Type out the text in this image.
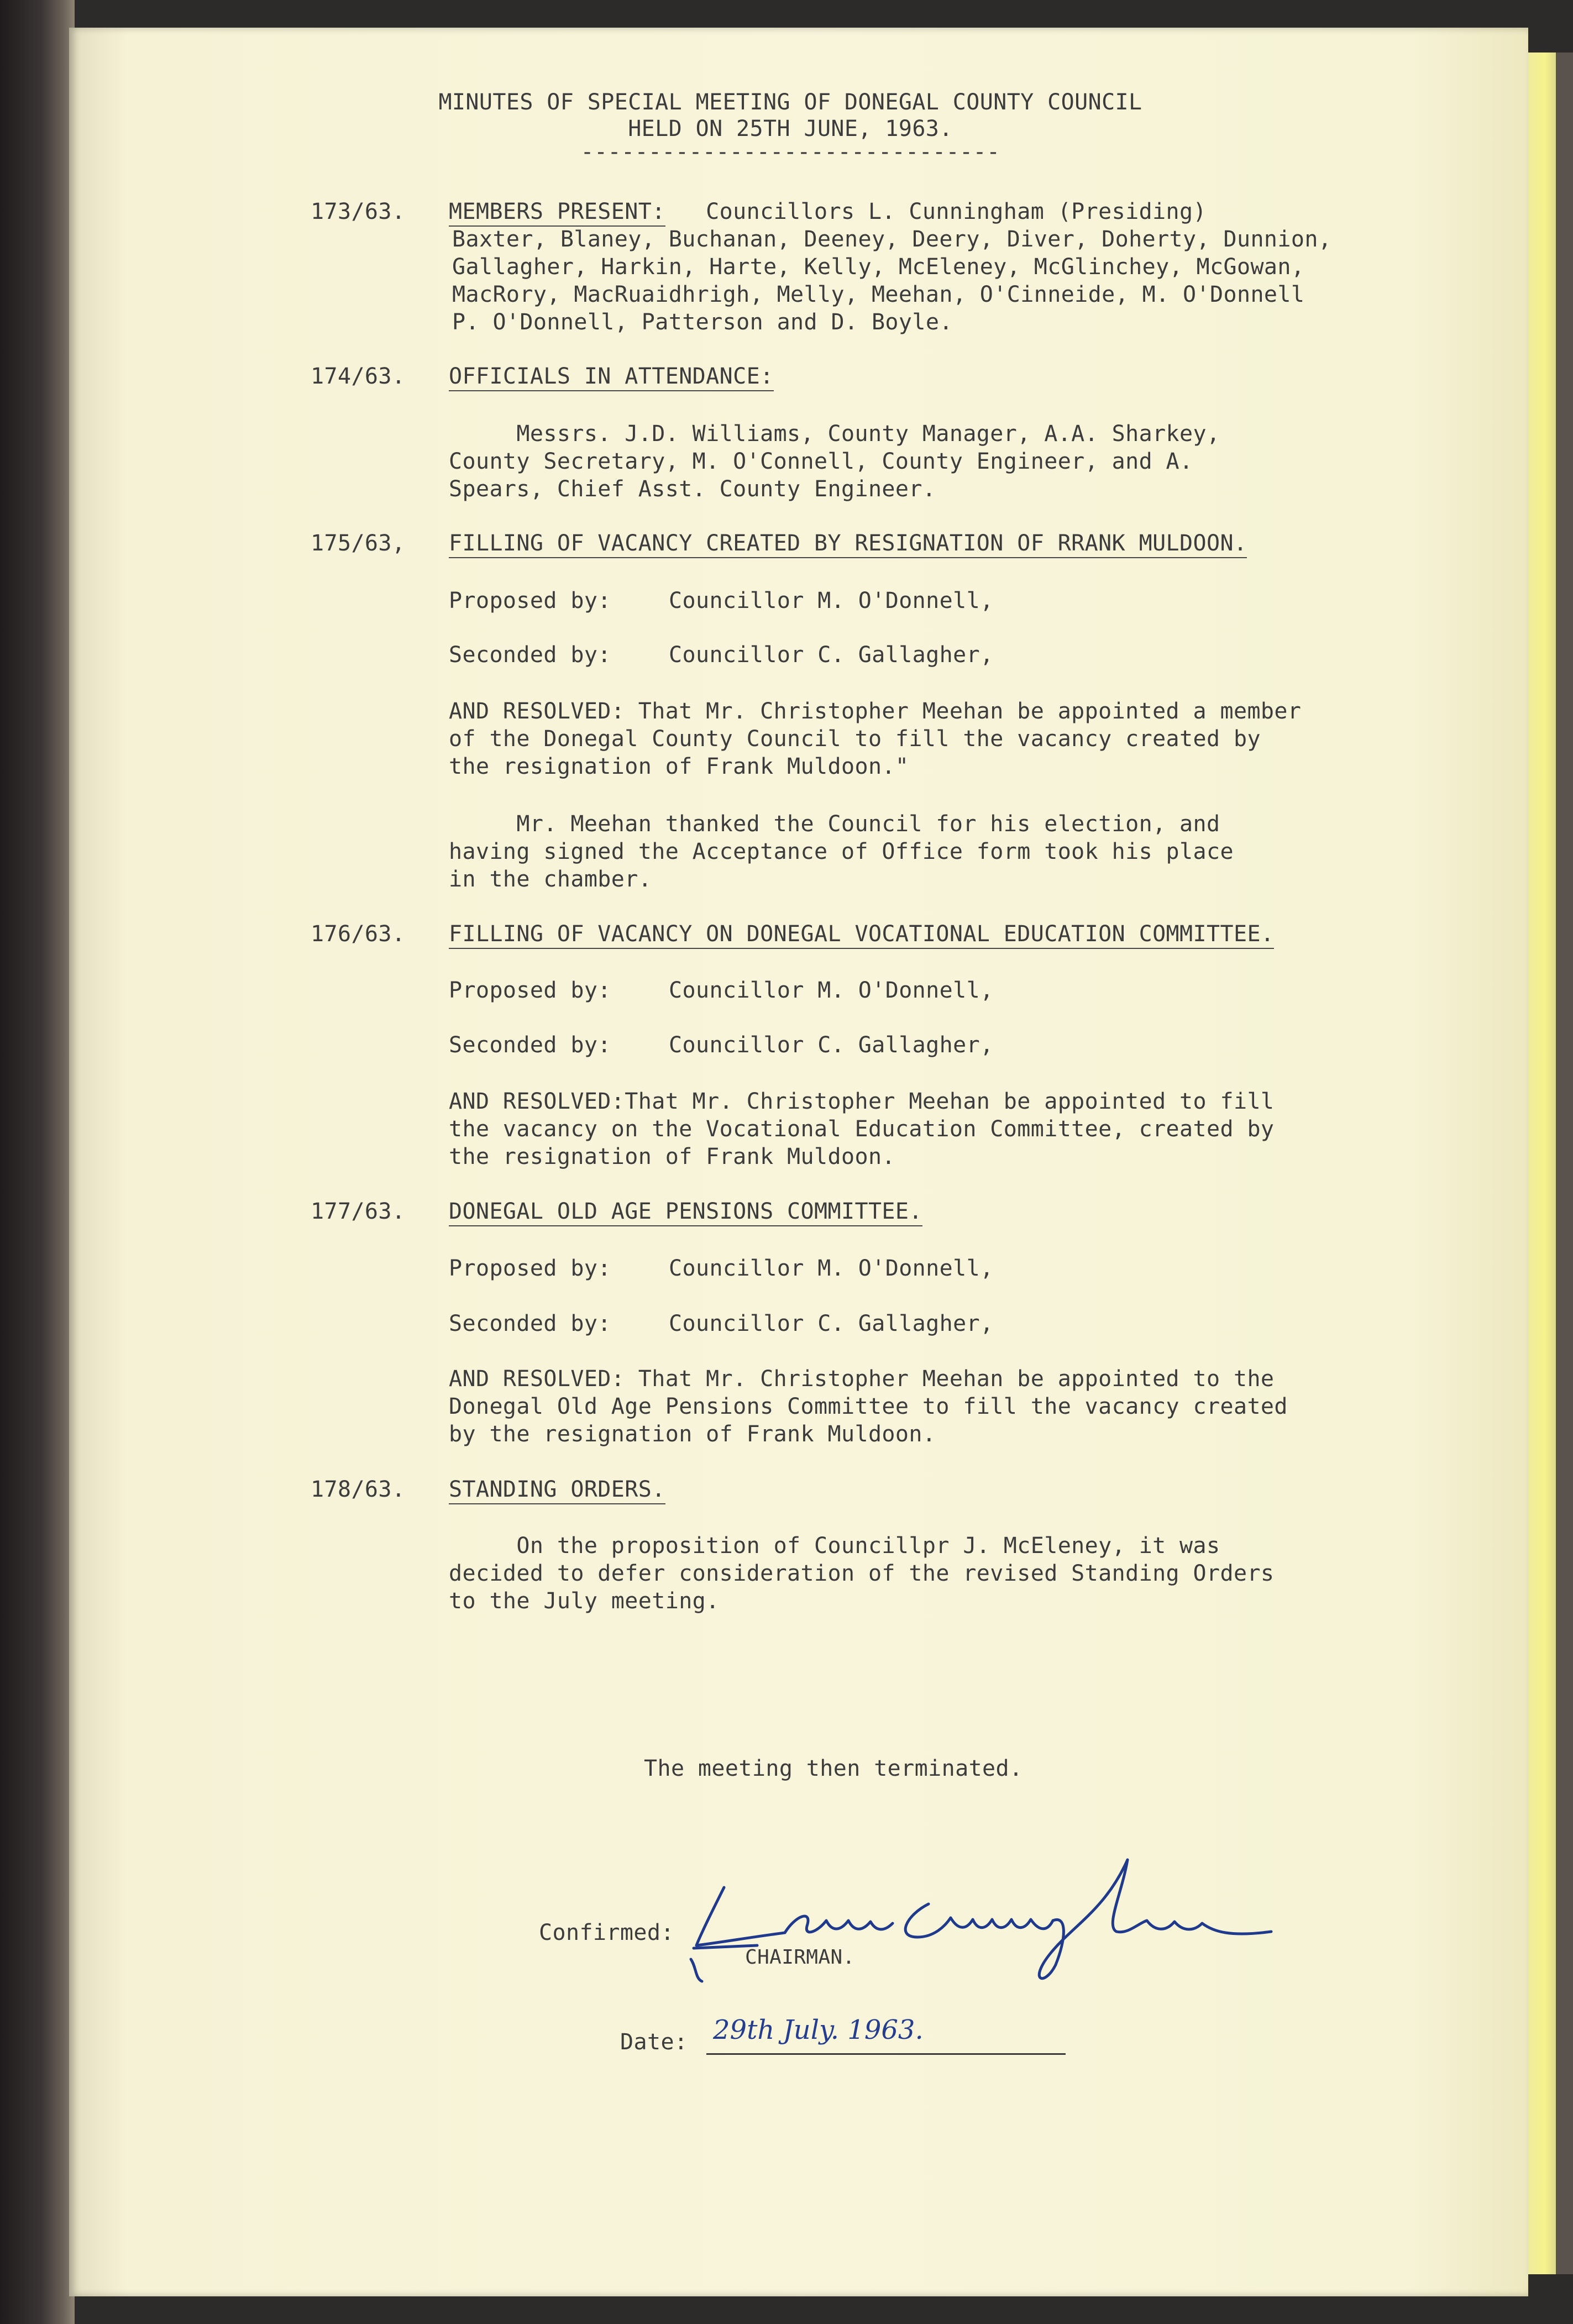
MINUTES OF SPECIAL MEETING OF DONEGAL COUNTY COUNCIL
HELD ON 25TH JUNE, 1963.
-------------------------------
173/63. MEMBERS PRESENT: Councillors L. Cunningham (Presiding)
Baxter, Blaney, Buchanan, Deeney, Deery, Diver, Doherty, Dunnion,
Gallagher, Harkin, Harte, Kelly, McEleney, McGlinchey, McGowan,
MacRory, MacRuaidhrigh, Melly, Meehan, O'Cinneide, M. O'Donnell
P. O'Donnell, Patterson and D. Boyle.
174/63. OFFICIALS IN ATTENDANCE:
Messrs. J.D. Williams, County Manager, A.A. Sharkey,
County Secretary, M. O'Connell, County Engineer, and A.
Spears, Chief Asst. County Engineer.
175/63, FILLING OF VACANCY CREATED BY RESIGNATION OF RRANK MULDOON.
Proposed by:	Councillor M. O'Donnell,
Seconded by:	Councillor C. Gallagher,
AND RESOLVED: That Mr. Christopher Meehan be appointed a member
of the Donegal County Council to fill the vacancy created by
the resignation of Frank Muldoon."
Mr. Meehan thanked the Council for his election, and
having signed the Acceptance of Office form took his place
in the chamber.
176/63. FILLING OF VACANCY ON DONEGAL VOCATIONAL EDUCATION COMMITTEE.
Proposed by:	Councillor M. O'Donnell,
Seconded by:	Councillor C. Gallagher,
AND RESOLVED:That Mr. Christopher Meehan be appointed to fill
the vacancy on the Vocational Education Committee, created by
the resignation of Frank Muldoon.
177/63. DONEGAL OLD AGE PENSIONS COMMITTEE.
Proposed by:	Councillor M. O'Donnell,
Seconded by:	Councillor C. Gallagher,
AND RESOLVED: That Mr. Christopher Meehan be appointed to the
Donegal Old Age Pensions Committee to fill the vacancy created
by the resignation of Frank Muldoon.
178/63. STANDING ORDERS.
On the proposition of Councillpr J. McEleney, it was
decided to defer consideration of the revised Standing Orders
to the July meeting.
The meeting then terminated.
Confirmed:
CHAIRMAN.
Date: 29th July. 1963.
